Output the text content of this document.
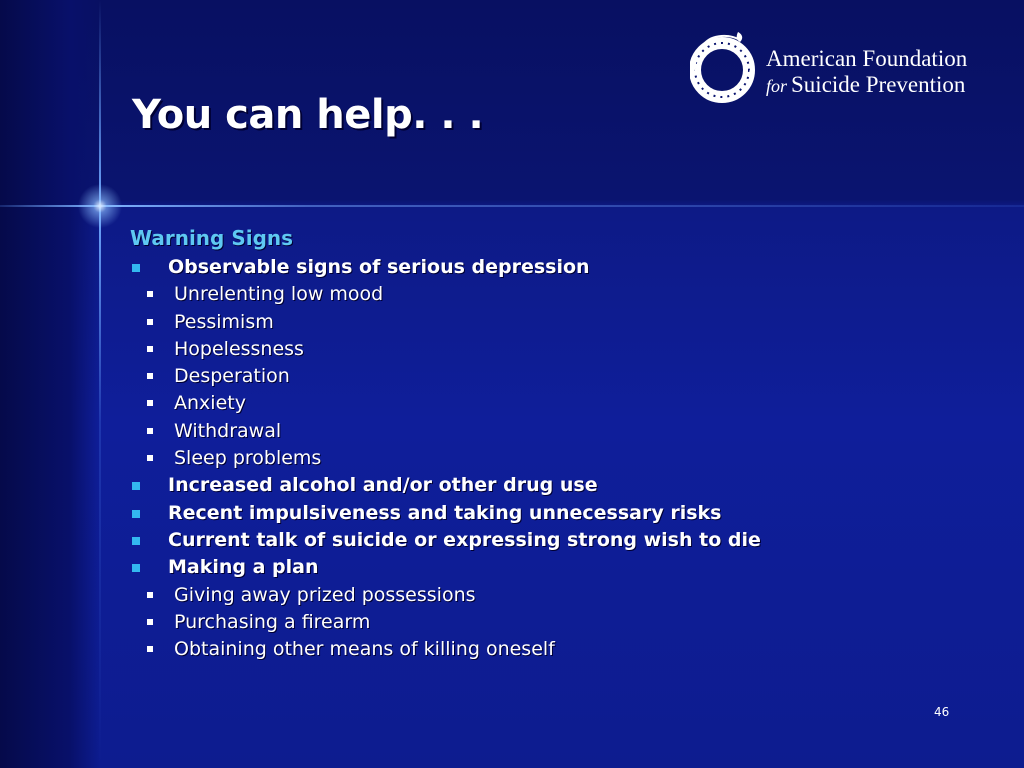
You can help. . .
American Foundation
for Suicide Prevention
Warning Signs
Observable signs of serious depression
Unrelenting low mood
Pessimism
Hopelessness
Desperation
Anxiety
Withdrawal
Sleep problems
Increased alcohol and/or other drug use
Recent impulsiveness and taking unnecessary risks
Current talk of suicide or expressing strong wish to die
Making a plan
Giving away prized possessions
Purchasing a firearm
Obtaining other means of killing oneself
46
